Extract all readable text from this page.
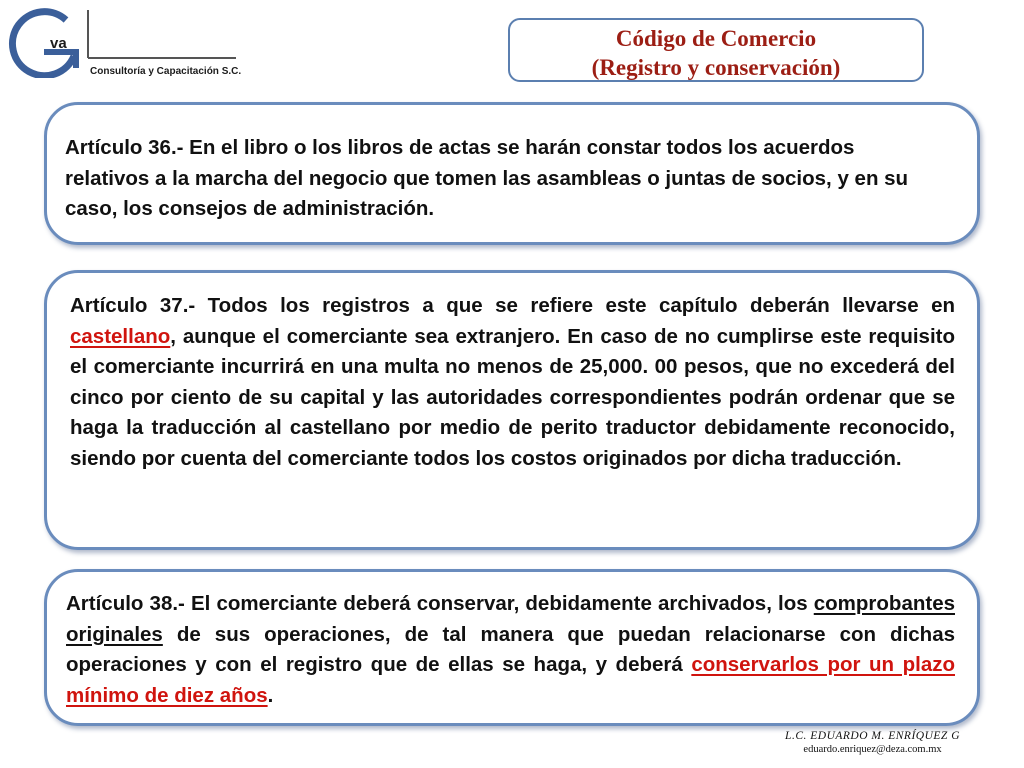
va
Consultoría y Capacitación S.C.
Código de Comercio
(Registro y conservación)

Artículo 36.- En el libro o los libros de actas se harán constar todos los acuerdos relativos a la marcha del negocio que tomen las asambleas o juntas de socios, y en su caso, los consejos de administración.

Artículo 37.- Todos los registros a que se refiere este capítulo deberán llevarse en castellano, aunque el comerciante sea extranjero. En caso de no cumplirse este requisito el comerciante incurrirá en una multa no menos de 25,000. 00 pesos, que no excederá del cinco por ciento de su capital y las autoridades correspondientes podrán ordenar que se haga la traducción al castellano por medio de perito traductor debidamente reconocido, siendo por cuenta del comerciante todos los costos originados por dicha traducción.

Artículo 38.- El comerciante deberá conservar, debidamente archivados, los comprobantes originales de sus operaciones, de tal manera que puedan relacionarse con dichas operaciones y con el registro que de ellas se haga, y deberá conservarlos por un plazo mínimo de diez años.

L.C. EDUARDO M. ENRÍQUEZ G
eduardo.enriquez@deza.com.mx
